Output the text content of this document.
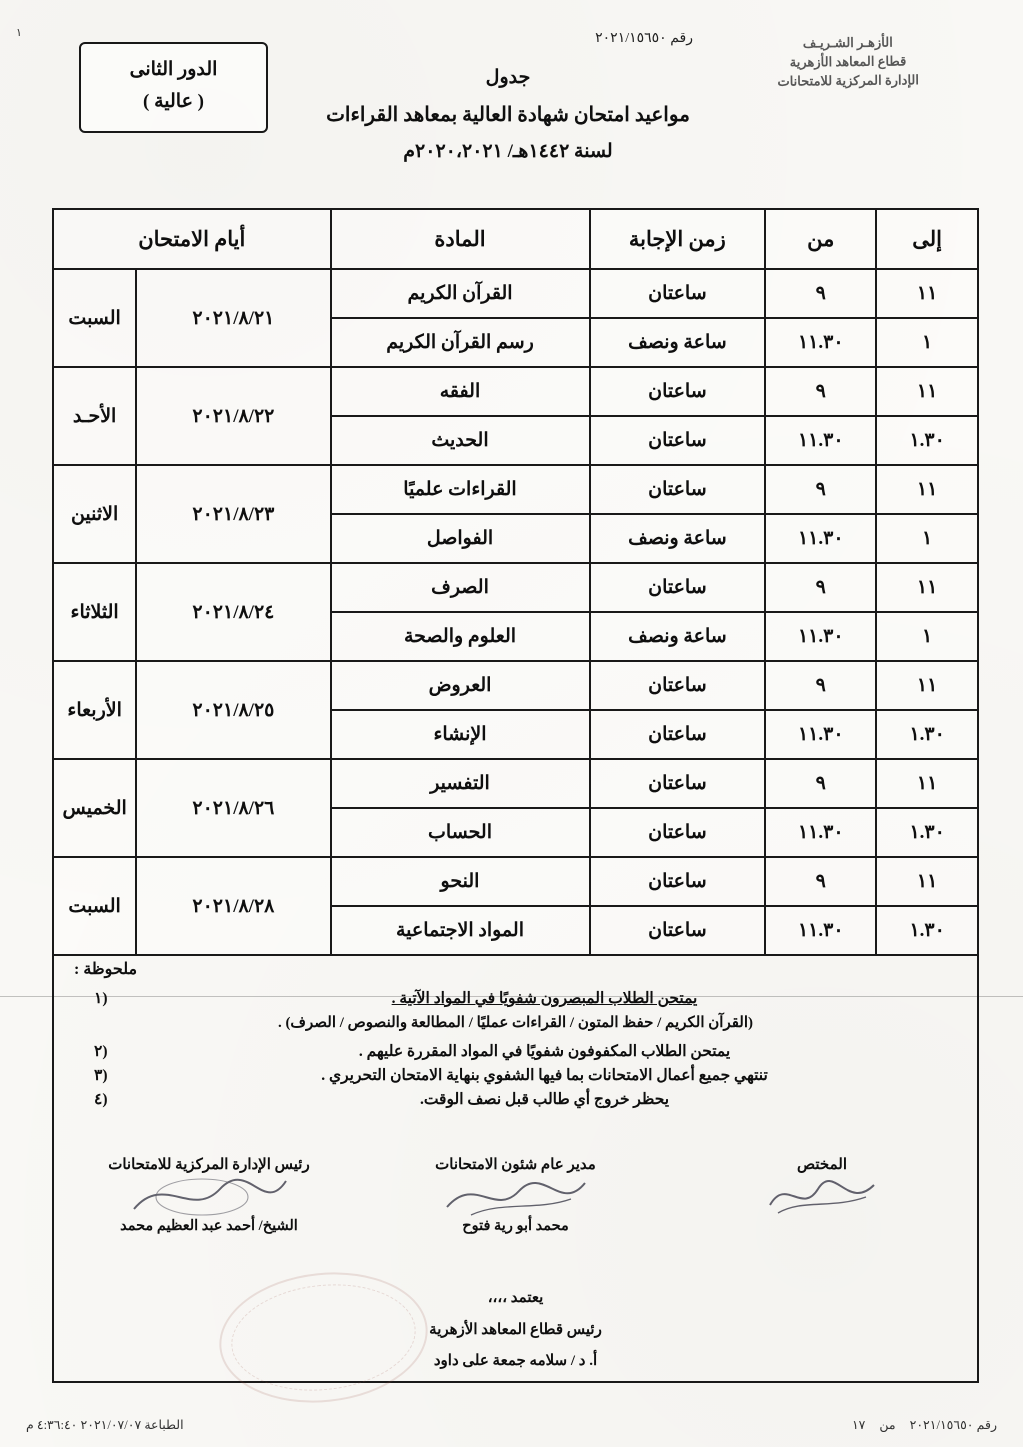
١	رقم ٢٠٢١/١٥٦٥٠	الأزهـر الشـريـف
قطاع المعاهد الأزهرية
الإدارة المركزية للامتحانات
الدور الثانى
( عالية )
جدول
مواعيد امتحان شهادة العالية بمعاهد القراءات
لسنة ١٤٤٢هـ/ ٢٠٢٠،٢٠٢١م
إلى	من	زمن الإجابة	المادة	أيام الامتحان	
١١	٩	ساعتان	القرآن الكريم	٢٠٢١/٨/٢١	السبت
١	١١.٣٠	ساعة ونصف	رسم القرآن الكريم		
١١	٩	ساعتان	الفقه	٢٠٢١/٨/٢٢	الأحـد
١.٣٠	١١.٣٠	ساعتان	الحديث		
١١	٩	ساعتان	القراءات علميًا	٢٠٢١/٨/٢٣	الاثنين
١	١١.٣٠	ساعة ونصف	الفواصل		
١١	٩	ساعتان	الصرف	٢٠٢١/٨/٢٤	الثلاثاء
١	١١.٣٠	ساعة ونصف	العلوم والصحة		
١١	٩	ساعتان	العروض	٢٠٢١/٨/٢٥	الأربعاء
١.٣٠	١١.٣٠	ساعتان	الإنشاء		
١١	٩	ساعتان	التفسير	٢٠٢١/٨/٢٦	الخميس
١.٣٠	١١.٣٠	ساعتان	الحساب		
١١	٩	ساعتان	النحو	٢٠٢١/٨/٢٨	السبت
١.٣٠	١١.٣٠	ساعتان	المواد الاجتماعية		
ملحوظة :
يمتحن الطلاب المبصرون شفويًا في المواد الآتية .
(١
(القرآن الكريم / حفظ المتون / القراءات عمليًا / المطالعة والنصوص / الصرف) .
يمتحن الطلاب المكفوفون شفويًا في المواد المقررة عليهم .
(٢
تنتهي جميع أعمال الامتحانات بما فيها الشفوي بنهاية الامتحان التحريري .
(٣
يحظر خروج أي طالب قبل نصف الوقت.
(٤
المختص
مدير عام شئون الامتحانات
محمد أبو رية فتوح
رئيس الإدارة المركزية للامتحانات
الشيخ/ أحمد عبد العظيم محمد
يعتمد ،،،،
رئيس قطاع المعاهد الأزهرية
أ. د / سلامه جمعة على داود
رقم ٢٠٢١/١٥٦٥٠
من
١٧
الطباعة ٢٠٢١/٠٧/٠٧ ٤:٣٦:٤٠ م
